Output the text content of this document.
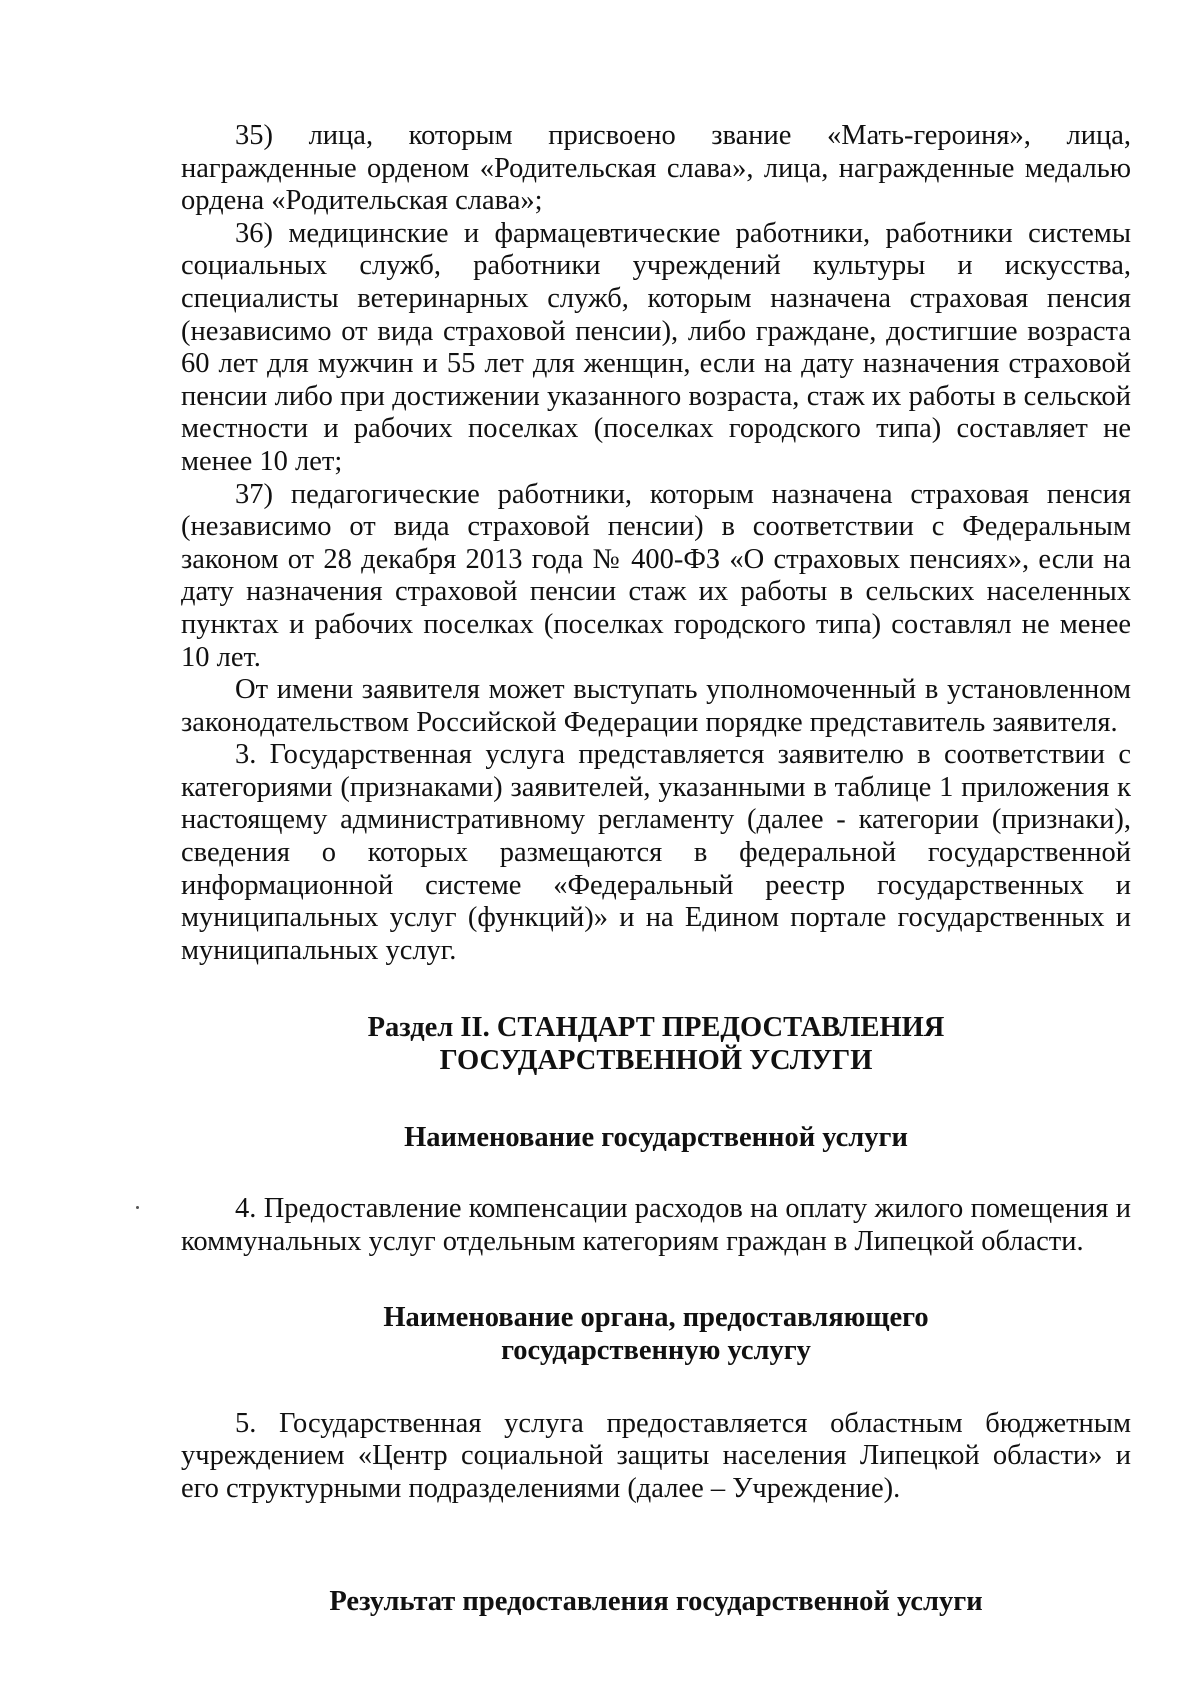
35) лица, которым присвоено звание «Мать-героиня», лица, награжденные орденом «Родительская слава», лица, награжденные медалью ордена «Родительская слава»;

36) медицинские и фармацевтические работники, работники системы социальных служб, работники учреждений культуры и искусства, специалисты ветеринарных служб, которым назначена страховая пенсия (независимо от вида страховой пенсии), либо граждане, достигшие возраста 60 лет для мужчин и 55 лет для женщин, если на дату назначения страховой пенсии либо при достижении указанного возраста, стаж их работы в сельской местности и рабочих поселках (поселках городского типа) составляет не менее 10 лет;

37) педагогические работники, которым назначена страховая пенсия (независимо от вида страховой пенсии) в соответствии с Федеральным законом от 28 декабря 2013 года № 400-ФЗ «О страховых пенсиях», если на дату назначения страховой пенсии стаж их работы в сельских населенных пунктах и рабочих поселках (поселках городского типа) составлял не менее 10 лет.

От имени заявителя может выступать уполномоченный в установленном законодательством Российской Федерации порядке представитель заявителя.

3. Государственная услуга представляется заявителю в соответствии с категориями (признаками) заявителей, указанными в таблице 1 приложения к настоящему административному регламенту (далее - категории (признаки), сведения о которых размещаются в федеральной государственной информационной системе «Федеральный реестр государственных и муниципальных услуг (функций)» и на Едином портале государственных и муниципальных услуг.

Раздел II. СТАНДАРТ ПРЕДОСТАВЛЕНИЯ
ГОСУДАРСТВЕННОЙ УСЛУГИ
Наименование государственной услуги

4. Предоставление компенсации расходов на оплату жилого помещения и коммунальных услуг отдельным категориям граждан в Липецкой области.

Наименование органа, предоставляющего
государственную услугу

5. Государственная услуга предоставляется областным бюджетным учреждением «Центр социальной защиты населения Липецкой области» и его структурными подразделениями (далее – Учреждение).

Результат предоставления государственной услуги
